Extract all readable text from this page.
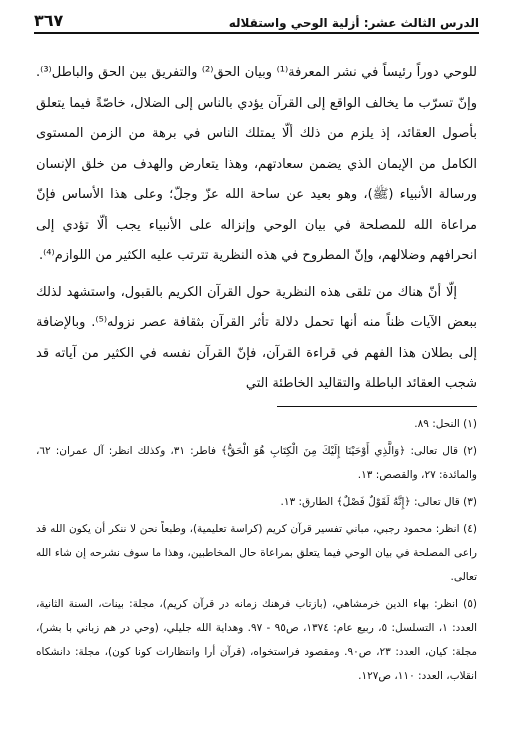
الدرس الثالث عشر: أزلية الوحي واستقلاله
٣٦٧

للوحي دوراً رئيساً في نشر المعرفة⁽¹⁾ وبيان الحق⁽²⁾ والتفريق بين الحق والباطل⁽³⁾. وإنّ تسرّب ما يخالف الواقع إلى القرآن يؤدي بالناس إلى الضلال، خاصّةً فيما يتعلق بأصول العقائد، إذ يلزم من ذلك ألّا يمتلك الناس في برهة من الزمن المستوى الكامل من الإيمان الذي يضمن سعادتهم، وهذا يتعارض والهدف من خلق الإنسان ورسالة الأنبياء (ﷺ)، وهو بعيد عن ساحة الله عزّ وجلّ؛ وعلى هذا الأساس فإنّ مراعاة الله للمصلحة في بيان الوحي وإنزاله على الأنبياء يجب ألّا تؤدي إلى انحرافهم وضلالهم، وإنّ المطروح في هذه النظرية تترتب عليه الكثير من اللوازم⁽⁴⁾.

إلّا أنّ هناك من تلقى هذه النظرية حول القرآن الكريم بالقبول، واستشهد لذلك ببعض الآيات ظناً منه أنها تحمل دلالة تأثر القرآن بثقافة عصر نزوله⁽⁵⁾. وبالإضافة إلى بطلان هذا الفهم في قراءة القرآن، فإنّ القرآن نفسه في الكثير من آياته قد شجب العقائد الباطلة والتقاليد الخاطئة التي

(١) النحل: ٨٩.

(٢) قال تعالى: ﴿وَالَّذِي أَوْحَيْنَا إِلَيْكَ مِنَ الْكِتَابِ هُوَ الْحَقُّ﴾ فاطر: ٣١، وكذلك انظر: آل عمران: ٦٢، والمائدة: ٢٧، والقصص: ١٣.

(٣) قال تعالى: ﴿إِنَّهُ لَقَوْلٌ فَصْلٌ﴾ الطارق: ١٣.

(٤) انظر: محمود رجبي، مباني تفسير قرآن كريم (كراسة تعليمية)، وطبعاً نحن لا ننكر أن يكون الله قد راعى المصلحة في بيان الوحي فيما يتعلق بمراعاة حال المخاطبين، وهذا ما سوف نشرحه إن شاء الله تعالى.

(٥) انظر: بهاء الدين خرمشاهي، (بازتاب فرهنك زمانه در قرآن كريم)، مجلة: بينات، السنة الثانية، العدد: ١، التسلسل: ٥، ربيع عام: ١٣٧٤، ص٩٥ - ٩٧. وهداية الله جليلي، (وحي در هم زباني با بشر)، مجلة: كيان، العدد: ٢٣، ص٩٠. ومقصود فراستخواه، (قرآن أرا وانتظارات كونا كون)، مجلة: دانشكاه انقلاب، العدد: ١١٠، ص١٢٧.
